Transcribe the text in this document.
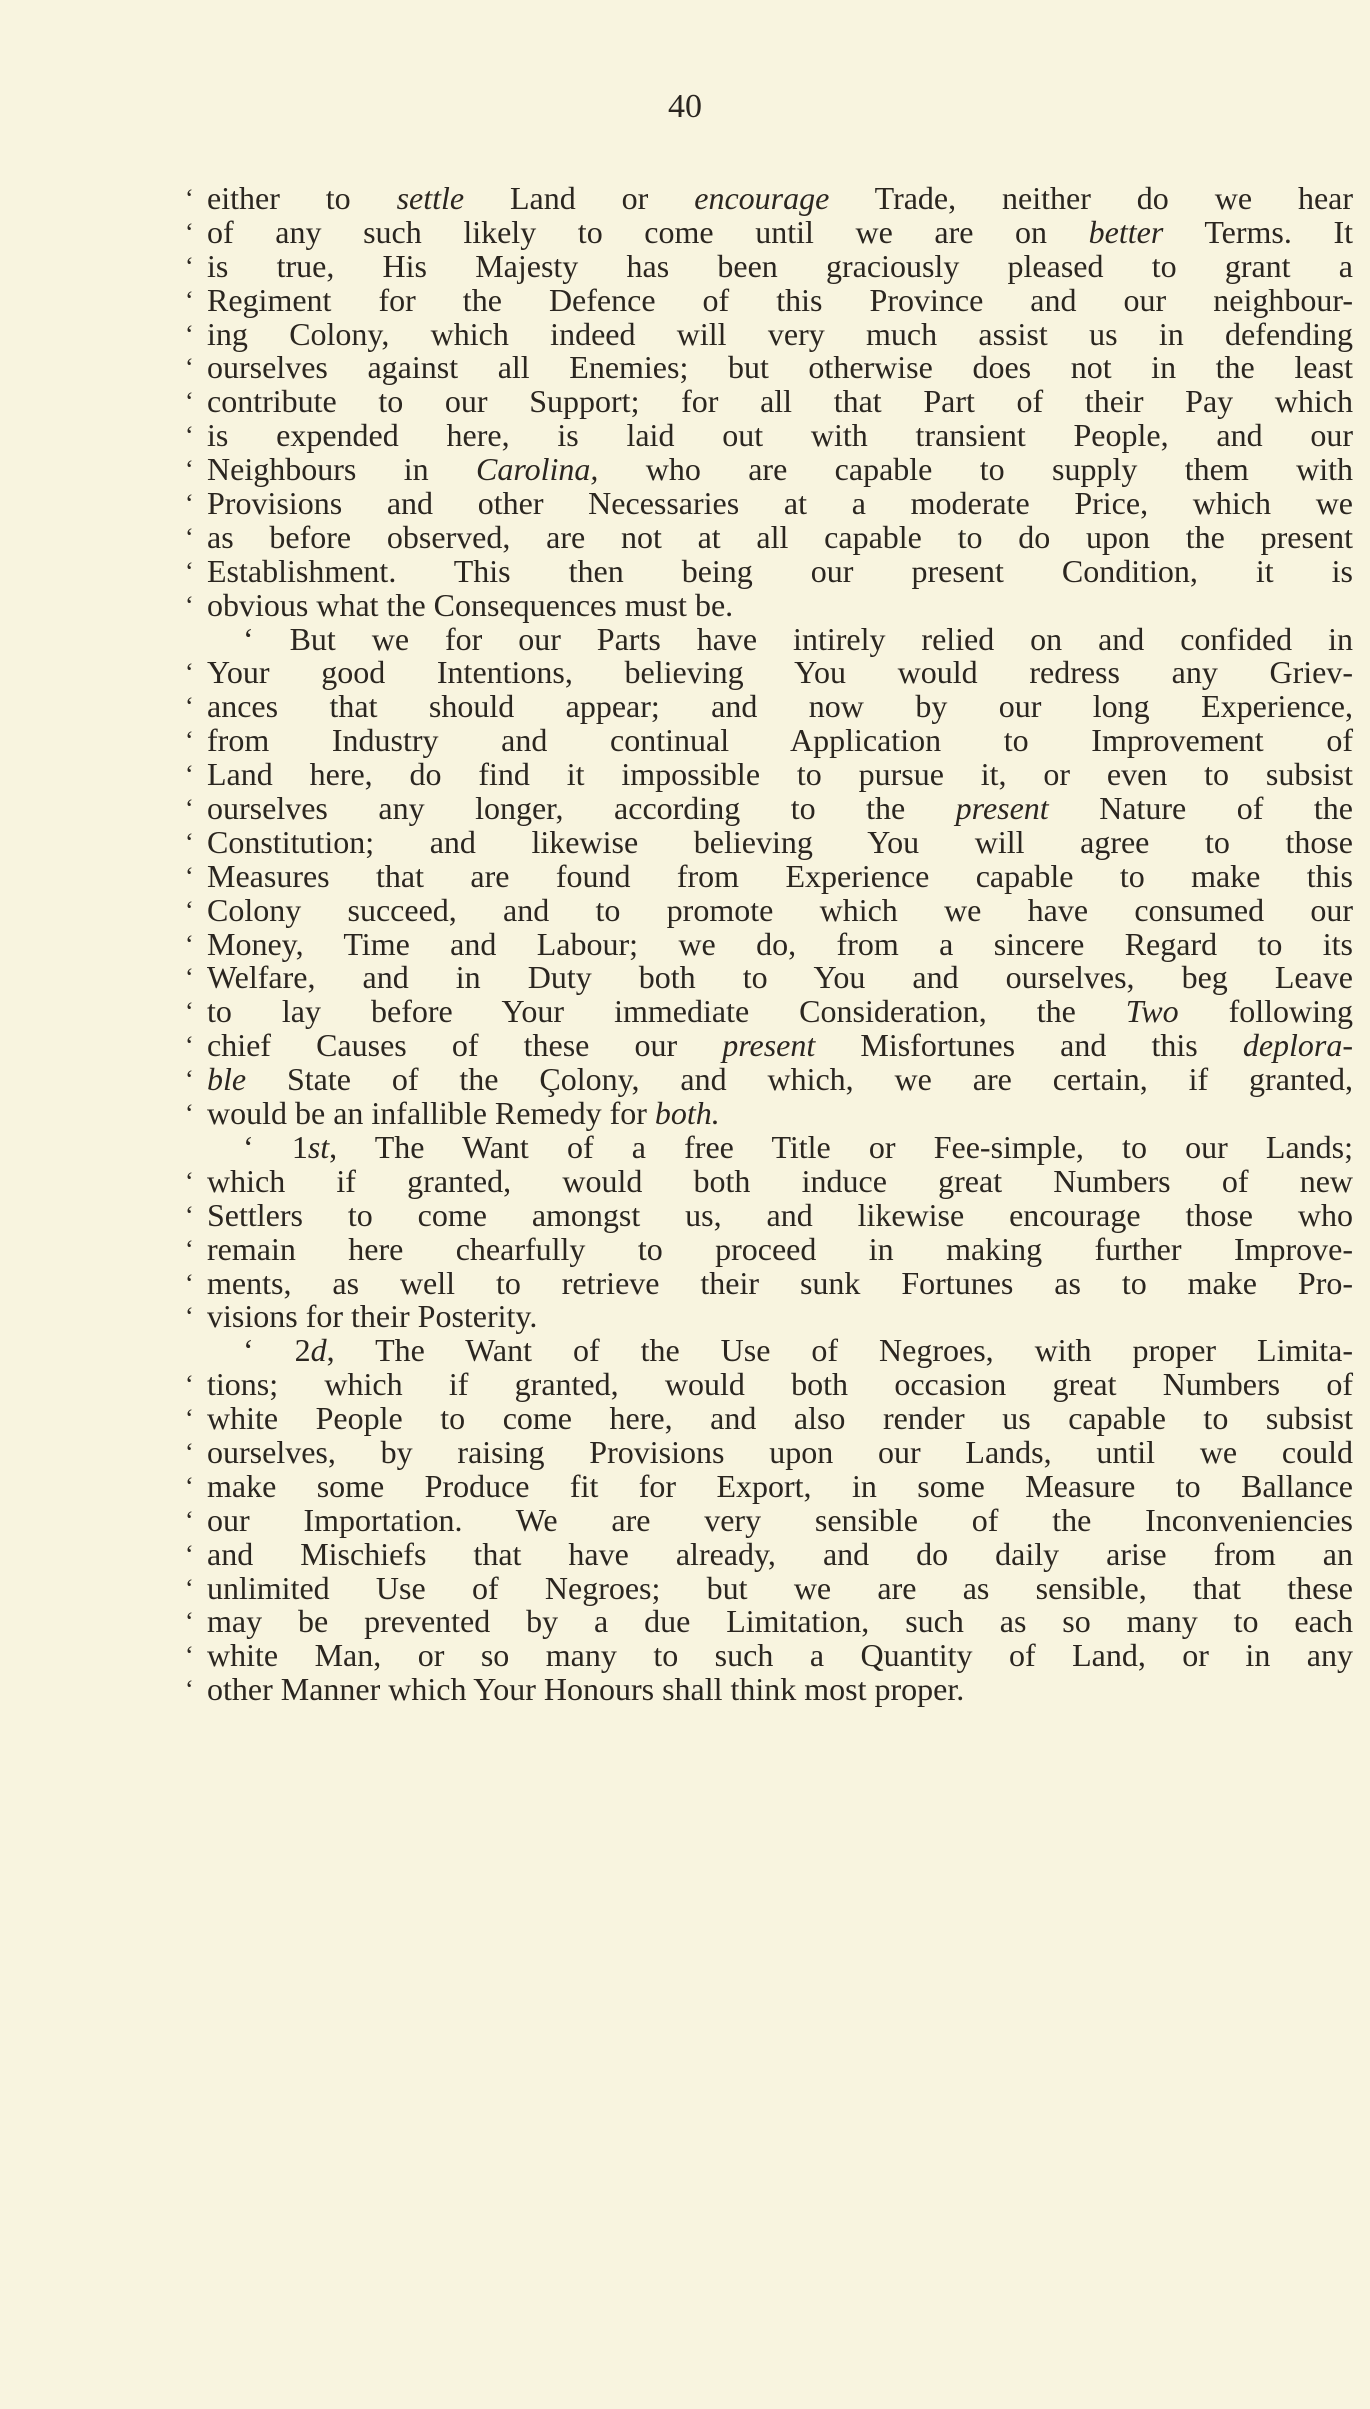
40
‘ either to settle Land or encourage Trade, neither do we hear
‘ of any such likely to come until we are on better Terms. It
‘ is true, His Majesty has been graciously pleased to grant a
‘ Regiment for the Defence of this Province and our neighbour-
‘ ing Colony, which indeed will very much assist us in defending
‘ ourselves against all Enemies; but otherwise does not in the least
‘ contribute to our Support; for all that Part of their Pay which
‘ is expended here, is laid out with transient People, and our
‘ Neighbours in Carolina, who are capable to supply them with
‘ Provisions and other Necessaries at a moderate Price, which we
‘ as before observed, are not at all capable to do upon the present
‘ Establishment. This then being our present Condition, it is
‘ obvious what the Consequences must be.
‘ But we for our Parts have intirely relied on and confided in
‘ Your good Intentions, believing You would redress any Griev-
‘ ances that should appear; and now by our long Experience,
‘ from Industry and continual Application to Improvement of
‘ Land here, do find it impossible to pursue it, or even to subsist
‘ ourselves any longer, according to the present Nature of the
‘ Constitution; and likewise believing You will agree to those
‘ Measures that are found from Experience capable to make this
‘ Colony succeed, and to promote which we have consumed our
‘ Money, Time and Labour; we do, from a sincere Regard to its
‘ Welfare, and in Duty both to You and ourselves, beg Leave
‘ to lay before Your immediate Consideration, the Two following
‘ chief Causes of these our present Misfortunes and this deplora-
‘ ble State of the Çolony, and which, we are certain, if granted,
‘ would be an infallible Remedy for both.
‘ 1st, The Want of a free Title or Fee-simple, to our Lands;
‘ which if granted, would both induce great Numbers of new
‘ Settlers to come amongst us, and likewise encourage those who
‘ remain here chearfully to proceed in making further Improve-
‘ ments, as well to retrieve their sunk Fortunes as to make Pro-
‘ visions for their Posterity.
‘ 2d, The Want of the Use of Negroes, with proper Limita-
‘ tions; which if granted, would both occasion great Numbers of
‘ white People to come here, and also render us capable to subsist
‘ ourselves, by raising Provisions upon our Lands, until we could
‘ make some Produce fit for Export, in some Measure to Ballance
‘ our Importation. We are very sensible of the Inconveniencies
‘ and Mischiefs that have already, and do daily arise from an
‘ unlimited Use of Negroes; but we are as sensible, that these
‘ may be prevented by a due Limitation, such as so many to each
‘ white Man, or so many to such a Quantity of Land, or in any
‘ other Manner which Your Honours shall think most proper.
